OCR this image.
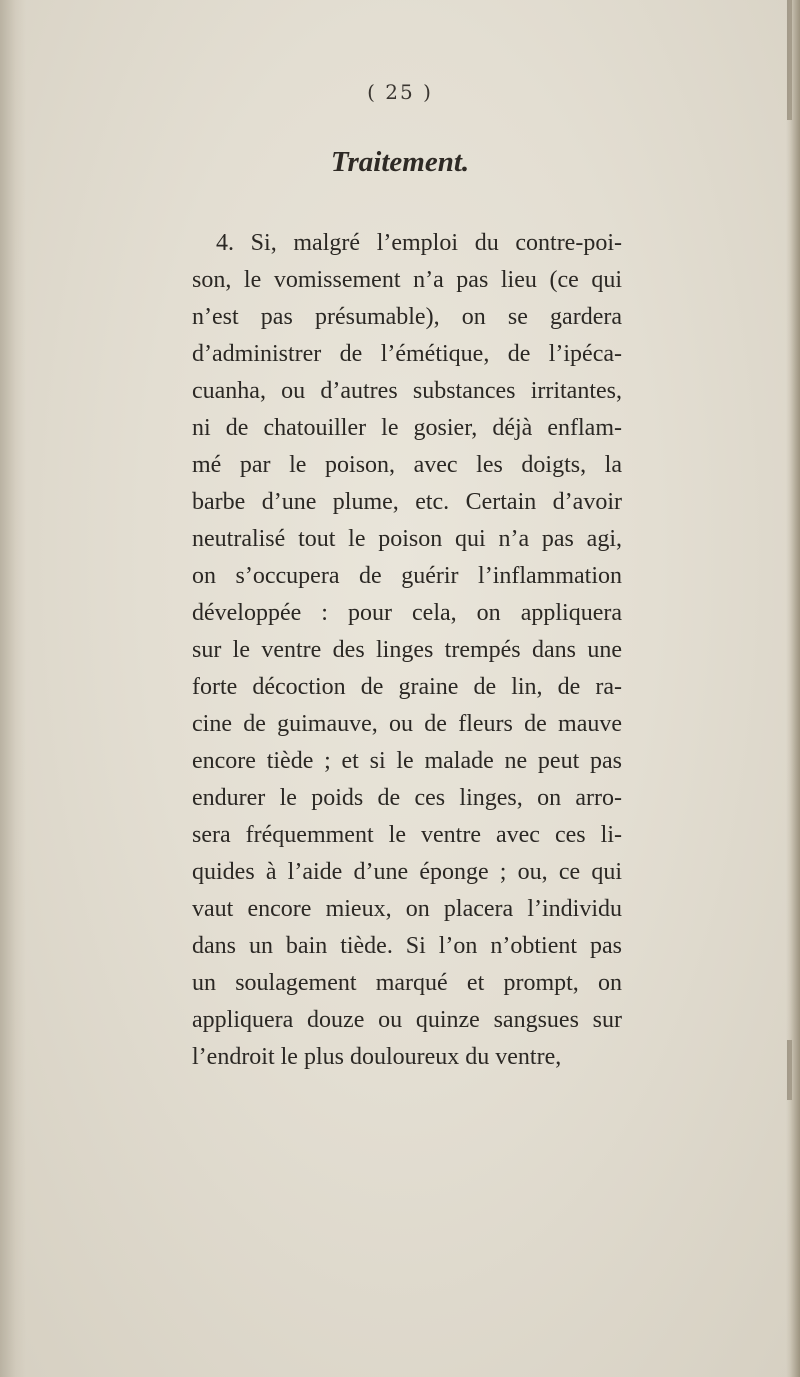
( 25 )
Traitement.
4. Si, malgré l’emploi du contre-poi-
son, le vomissement n’a pas lieu (ce qui
n’est pas présumable), on se gardera
d’administrer de l’émétique, de l’ipéca-
cuanha, ou d’autres substances irritantes,
ni de chatouiller le gosier, déjà enflam-
mé par le poison, avec les doigts, la
barbe d’une plume, etc. Certain d’avoir
neutralisé tout le poison qui n’a pas agi,
on s’occupera de guérir l’inflammation
développée : pour cela, on appliquera
sur le ventre des linges trempés dans une
forte décoction de graine de lin, de ra-
cine de guimauve, ou de fleurs de mauve
encore tiède ; et si le malade ne peut pas
endurer le poids de ces linges, on arro-
sera fréquemment le ventre avec ces li-
quides à l’aide d’une éponge ; ou, ce qui
vaut encore mieux, on placera l’individu
dans un bain tiède. Si l’on n’obtient pas
un soulagement marqué et prompt, on
appliquera douze ou quinze sangsues sur
l’endroit le plus douloureux du ventre,
